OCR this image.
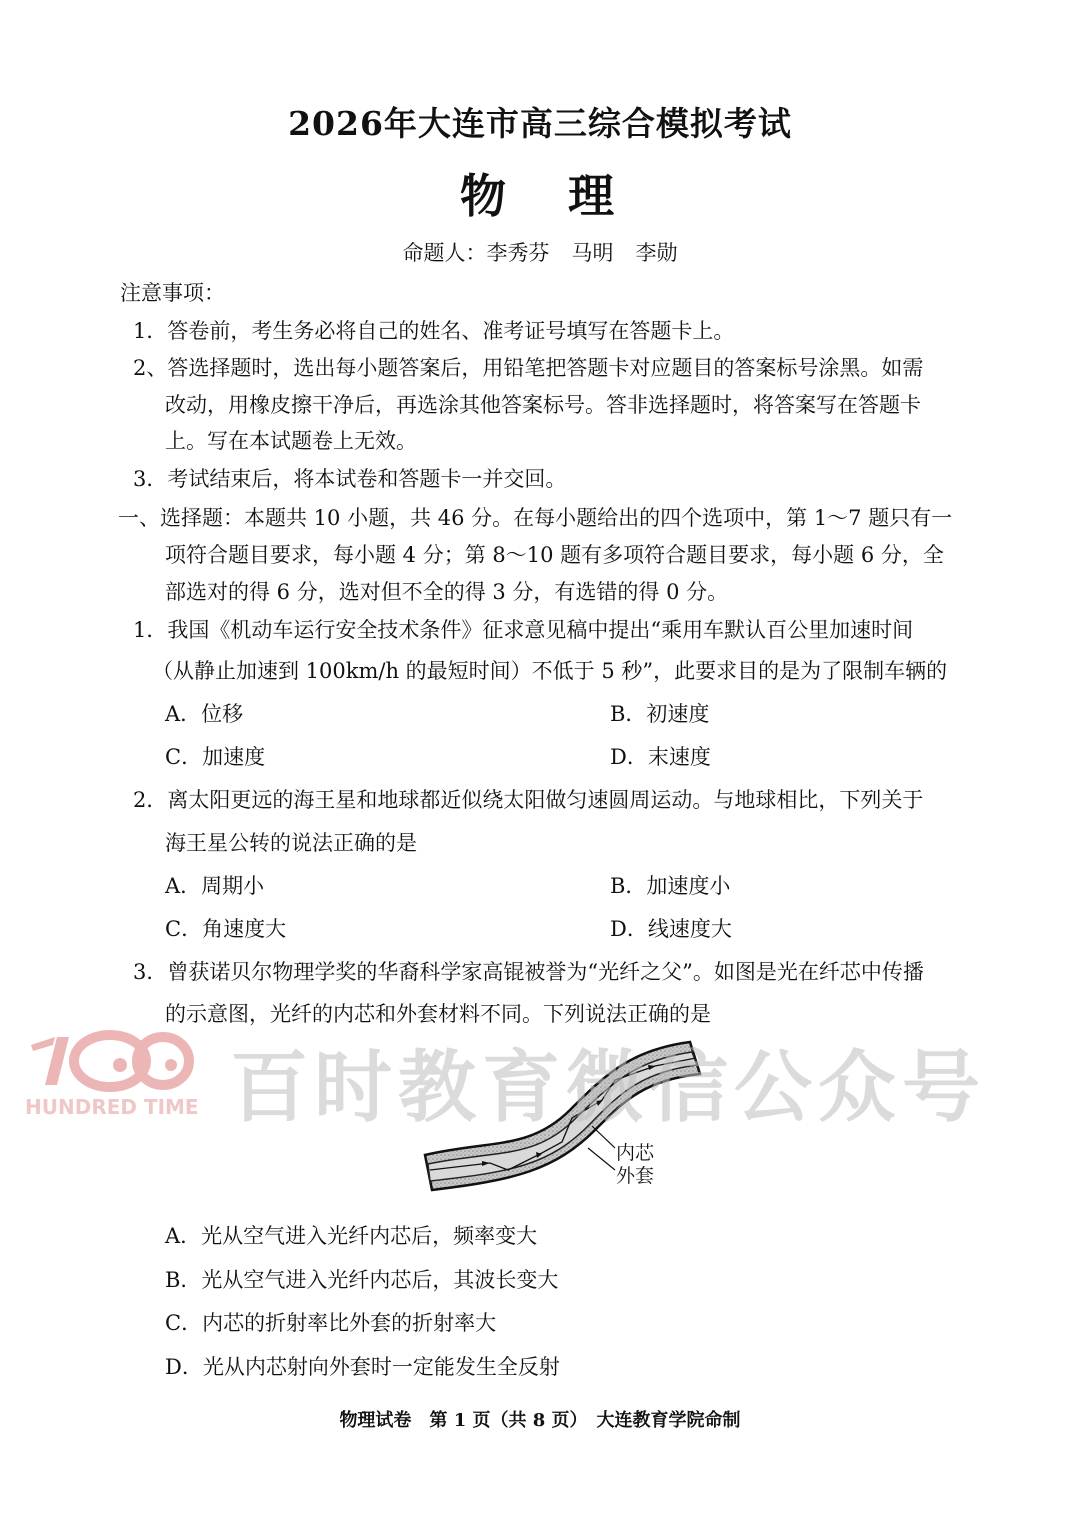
2026年大连市高三综合模拟考试
物 理
命题人：李秀芬 马明 李勋
注意事项：
1．答卷前，考生务必将自己的姓名、准考证号填写在答题卡上。
2、答选择题时，选出每小题答案后，用铅笔把答题卡对应题目的答案标号涂黑。如需
改动，用橡皮擦干净后，再选涂其他答案标号。答非选择题时，将答案写在答题卡
上。写在本试题卷上无效。
3．考试结束后，将本试卷和答题卡一并交回。
一、选择题：本题共 10 小题，共 46 分。在每小题给出的四个选项中，第 1～7 题只有一
项符合题目要求，每小题 4 分；第 8～10 题有多项符合题目要求，每小题 6 分，全
部选对的得 6 分，选对但不全的得 3 分，有选错的得 0 分。
1．我国《机动车运行安全技术条件》征求意见稿中提出“乘用车默认百公里加速时间
（从静止加速到 100km/h 的最短时间）不低于 5 秒”，此要求目的是为了限制车辆的
A．位移	B．初速度
C．加速度	D．末速度
2．离太阳更远的海王星和地球都近似绕太阳做匀速圆周运动。与地球相比，下列关于
海王星公转的说法正确的是
A．周期小	B．加速度小
C．角速度大	D．线速度大
3．曾获诺贝尔物理学奖的华裔科学家高锟被誉为“光纤之父”。如图是光在纤芯中传播
的示意图，光纤的内芯和外套材料不同。下列说法正确的是
内芯
外套
HUNDRED TIME 百时教育微信公众号
A．光从空气进入光纤内芯后，频率变大
B．光从空气进入光纤内芯后，其波长变大
C．内芯的折射率比外套的折射率大
D．光从内芯射向外套时一定能发生全反射
物理试卷　第 1 页（共 8 页）　大连教育学院命制
